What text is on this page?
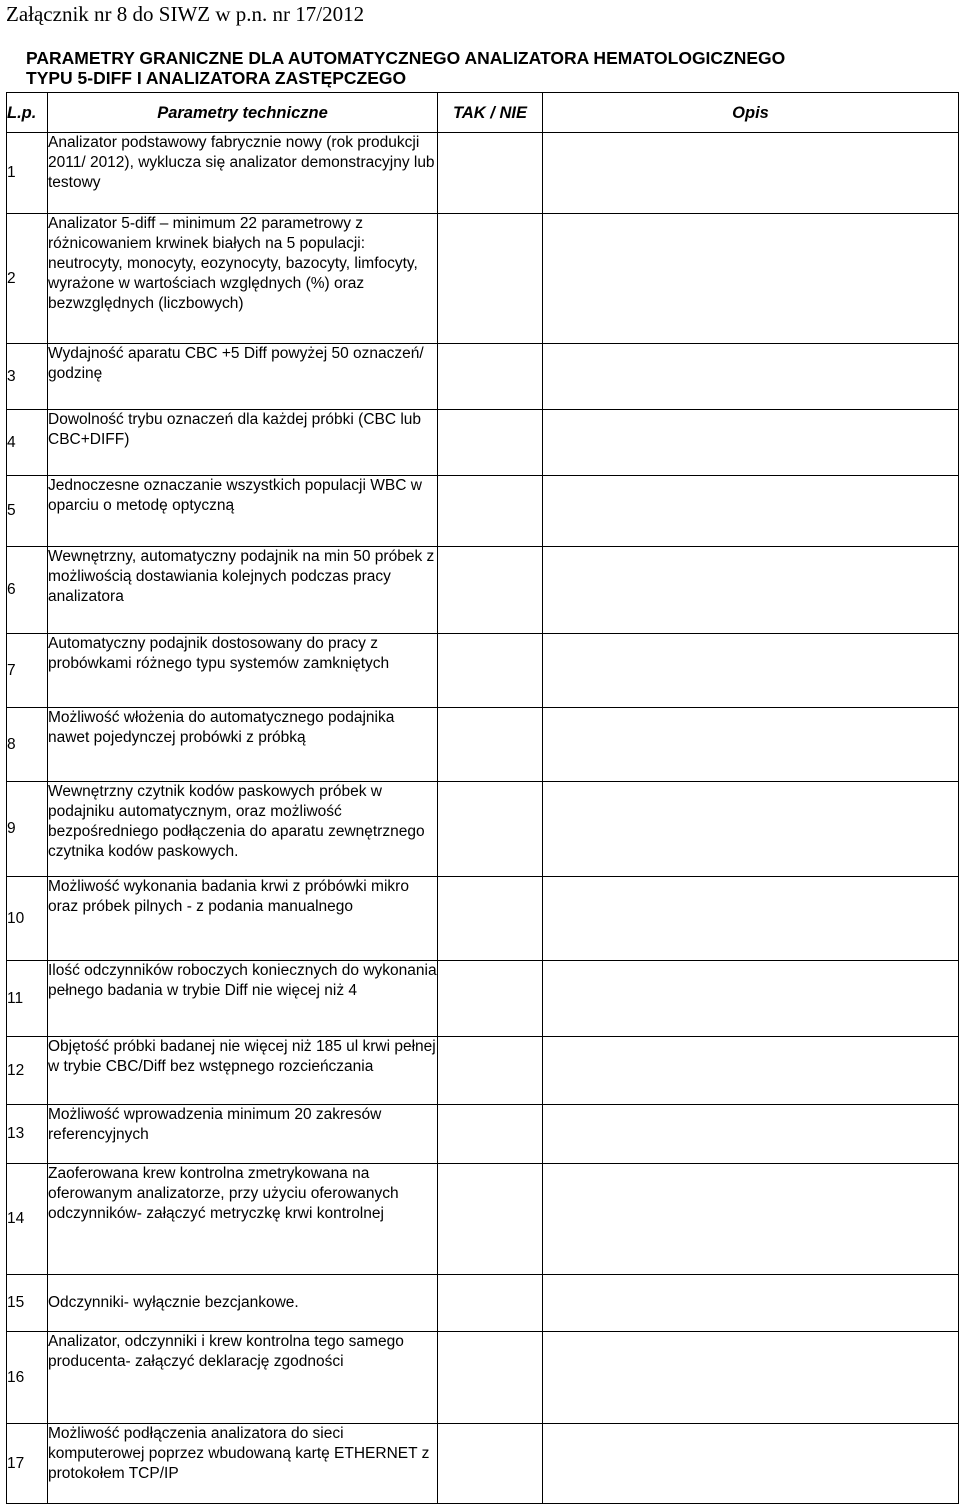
Załącznik nr 8 do SIWZ w p.n. nr 17/2012
PARAMETRY GRANICZNE DLA AUTOMATYCZNEGO ANALIZATORA HEMATOLOGICZNEGO
TYPU 5-DIFF I ANALIZATORA ZASTĘPCZEGO
L.p.	Parametry techniczne	TAK / NIE	Opis
1	Analizator podstawowy fabrycznie nowy (rok produkcji 2011/ 2012), wyklucza się analizator demonstracyjny lub testowy		
2	Analizator 5-diff – minimum 22 parametrowy z różnicowaniem krwinek białych na 5 populacji: neutrocyty, monocyty, eozynocyty, bazocyty, limfocyty, wyrażone w wartościach względnych (%) oraz bezwzględnych (liczbowych)		
3	Wydajność aparatu CBC +5 Diff powyżej 50 oznaczeń/ godzinę		
4	Dowolność trybu oznaczeń dla każdej próbki (CBC lub CBC+DIFF)		
5	Jednoczesne oznaczanie wszystkich populacji WBC w oparciu o metodę optyczną		
6	Wewnętrzny, automatyczny podajnik na min 50 próbek z możliwością dostawiania kolejnych podczas pracy analizatora		
7	Automatyczny podajnik dostosowany do pracy z probówkami różnego typu systemów zamkniętych		
8	Możliwość włożenia do automatycznego podajnika nawet pojedynczej probówki z próbką		
9	Wewnętrzny czytnik kodów paskowych próbek w podajniku automatycznym, oraz możliwość bezpośredniego podłączenia do aparatu zewnętrznego czytnika kodów paskowych.		
10	Możliwość wykonania badania krwi z próbówki mikro oraz próbek pilnych - z podania manualnego		
11	Ilość odczynników roboczych koniecznych do wykonania pełnego badania w trybie Diff nie więcej niż 4		
12	Objętość próbki badanej nie więcej niż 185 ul krwi pełnej w trybie CBC/Diff bez wstępnego rozcieńczania		
13	Możliwość wprowadzenia minimum 20 zakresów referencyjnych		
14	Zaoferowana krew kontrolna zmetrykowana na oferowanym analizatorze, przy użyciu oferowanych odczynników- załączyć metryczkę krwi kontrolnej		
15	Odczynniki- wyłącznie bezcjankowe.		
16	Analizator, odczynniki i krew kontrolna tego samego producenta- załączyć deklarację zgodności		
17	Możliwość podłączenia analizatora do sieci komputerowej poprzez wbudowaną kartę ETHERNET z protokołem TCP/IP		
